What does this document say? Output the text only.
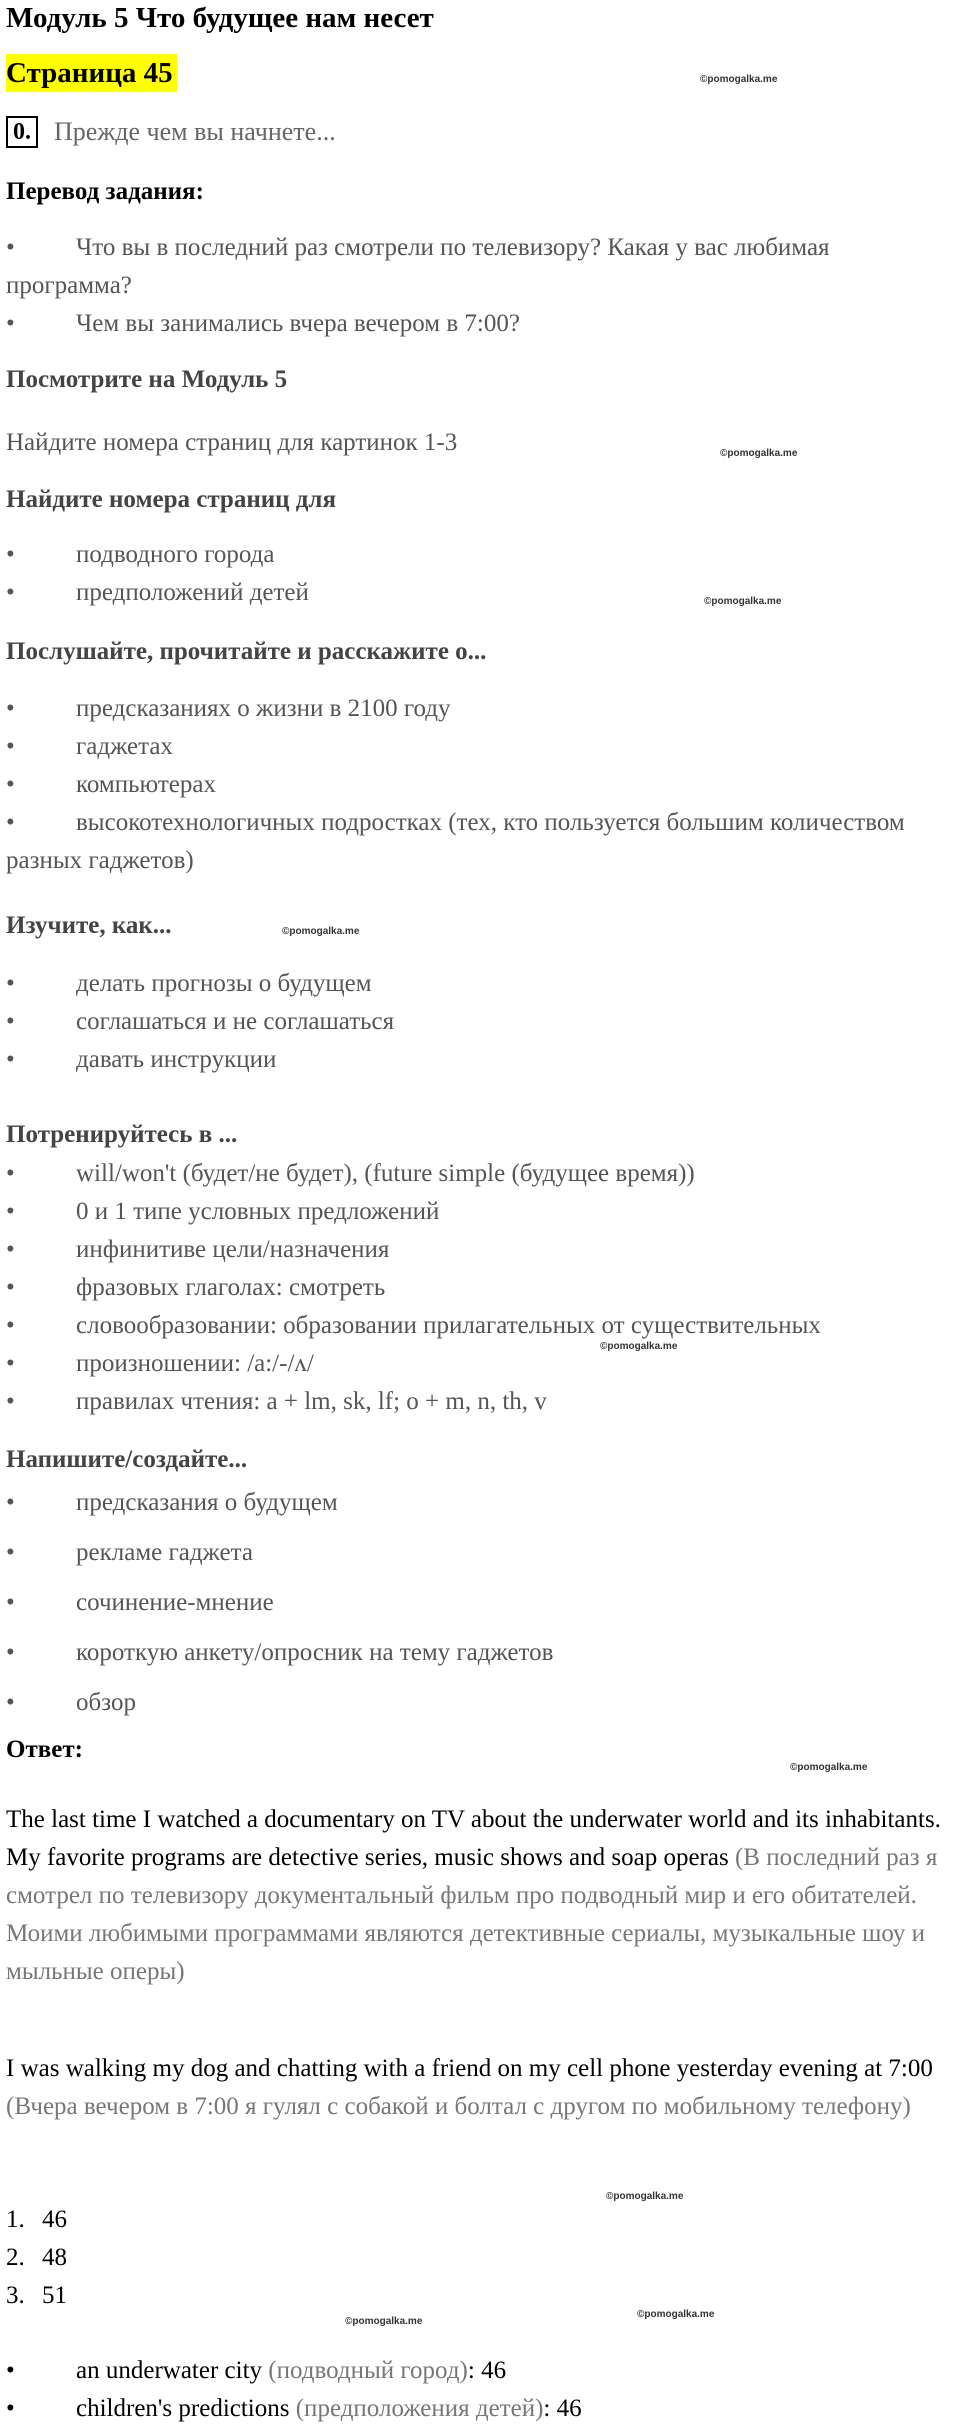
Модуль 5 Что будущее нам несет
Страница 45	©pomogalka.me
0. Прежде чем вы начнете...
Перевод задания:
• Что вы в последний раз смотрели по телевизору? Какая у вас любимая программа?
• Чем вы занимались вчера вечером в 7:00?
Посмотрите на Модуль 5

Найдите номера страниц для картинок 1-3	©pomogalka.me
Найдите номера страниц для
• подводного города
• предположений детей	©pomogalka.me
Послушайте, прочитайте и расскажите о...
• предсказаниях о жизни в 2100 году
• гаджетах
• компьютерах
• высокотехнологичных подростках (тех, кто пользуется большим количеством разных гаджетов)
Изучите, как...	©pomogalka.me
• делать прогнозы о будущем
• соглашаться и не соглашаться
• давать инструкции
Потренируйтесь в ...
• will/won't (будет/не будет), (future simple (будущее время))
• 0 и 1 типе условных предложений
• инфинитиве цели/назначения
• фразовых глаголах: смотреть
• словообразовании: образовании прилагательных от существительных
• произношении: /a:/-/ʌ/
• правилах чтения: a + lm, sk, lf; o + m, n, th, v
©pomogalka.me
Напишите/создайте...
• предсказания о будущем
• рекламе гаджета
• сочинение-мнение
• короткую анкету/опросник на тему гаджетов
• обзор
Ответ:
©pomogalka.me

The last time I watched a documentary on TV about the underwater world and its inhabitants. My favorite programs are detective series, music shows and soap operas (В последний раз я смотрел по телевизору документальный фильм про подводный мир и его обитателей. Моими любимыми программами являются детективные сериалы, музыкальные шоу и мыльные оперы)

I was walking my dog and chatting with a friend on my cell phone yesterday evening at 7:00 (Вчера вечером в 7:00 я гулял с собакой и болтал с другом по мобильному телефону)

©pomogalka.me
1. 46
2. 48
3. 51
©pomogalka.me
©pomogalka.me
• an underwater city (подводный город): 46
• children's predictions (предположения детей): 46
